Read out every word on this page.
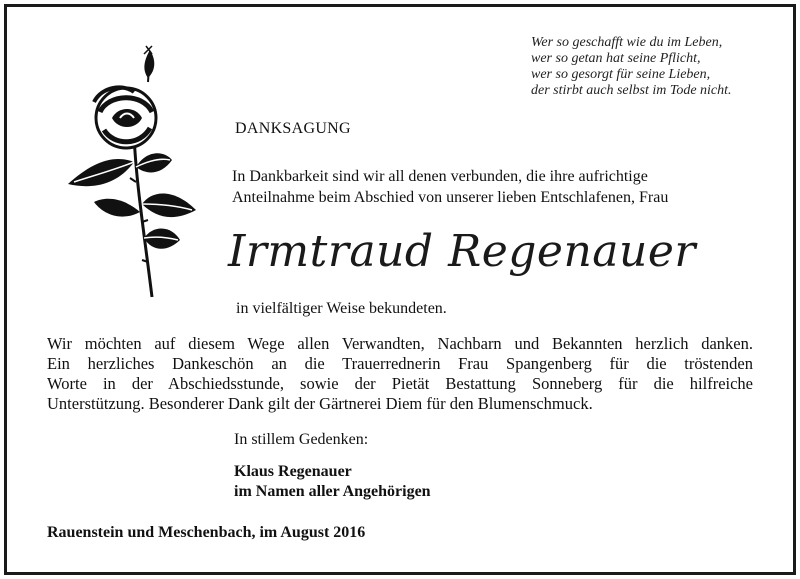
Wer so geschafft wie du im Leben,
wer so getan hat seine Pflicht,
wer so gesorgt für seine Lieben,
der stirbt auch selbst im Tode nicht.
DANKSAGUNG
In Dankbarkeit sind wir all denen verbunden, die ihre aufrichtige
Anteilnahme beim Abschied von unserer lieben Entschlafenen, Frau
Irmtraud Regenauer
in vielfältiger Weise bekundeten.
Wir möchten auf diesem Wege allen Verwandten, Nachbarn und Bekannten herzlich danken.
Ein herzliches Dankeschön an die Trauerrednerin Frau Spangenberg für die tröstenden
Worte in der Abschiedsstunde, sowie der Pietät Bestattung Sonneberg für die hilfreiche
Unterstützung. Besonderer Dank gilt der Gärtnerei Diem für den Blumenschmuck.
In stillem Gedenken:
Klaus Regenauer
im Namen aller Angehörigen
Rauenstein und Meschenbach, im August 2016
